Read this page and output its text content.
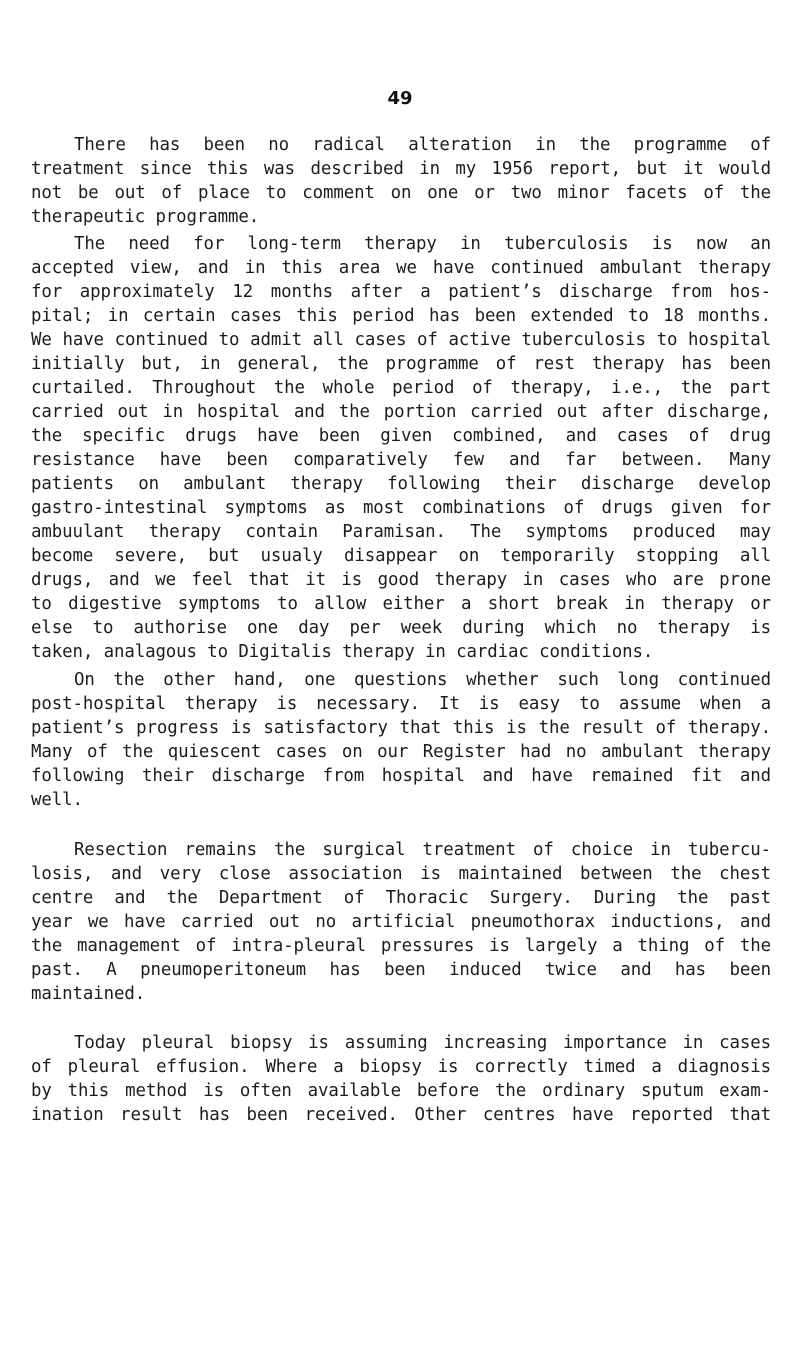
49
There has been no radical alteration in the programme of
treatment since this was described in my 1956 report, but it would
not be out of place to comment on one or two minor facets of the
therapeutic programme.
The need for long-term therapy in tuberculosis is now an
accepted view, and in this area we have continued ambulant therapy
for approximately 12 months after a patient’s discharge from hos-
pital; in certain cases this period has been extended to 18 months.
We have continued to admit all cases of active tuberculosis to hospital
initially but, in general, the programme of rest therapy has been
curtailed. Throughout the whole period of therapy, i.e., the part
carried out in hospital and the portion carried out after discharge,
the specific drugs have been given combined, and cases of drug
resistance have been comparatively few and far between. Many
patients on ambulant therapy following their discharge develop
gastro-intestinal symptoms as most combinations of drugs given for
ambuulant therapy contain Paramisan. The symptoms produced may
become severe, but usualy disappear on temporarily stopping all
drugs, and we feel that it is good therapy in cases who are prone
to digestive symptoms to allow either a short break in therapy or
else to authorise one day per week during which no therapy is
taken, analagous to Digitalis therapy in cardiac conditions.
On the other hand, one questions whether such long continued
post-hospital therapy is necessary. It is easy to assume when a
patient’s progress is satisfactory that this is the result of therapy.
Many of the quiescent cases on our Register had no ambulant therapy
following their discharge from hospital and have remained fit and
well.
Resection remains the surgical treatment of choice in tubercu-
losis, and very close association is maintained between the chest
centre and the Department of Thoracic Surgery. During the past
year we have carried out no artificial pneumothorax inductions, and
the management of intra-pleural pressures is largely a thing of the
past. A pneumoperitoneum has been induced twice and has been
maintained.
Today pleural biopsy is assuming increasing importance in cases
of pleural effusion. Where a biopsy is correctly timed a diagnosis
by this method is often available before the ordinary sputum exam-
ination result has been received. Other centres have reported that
